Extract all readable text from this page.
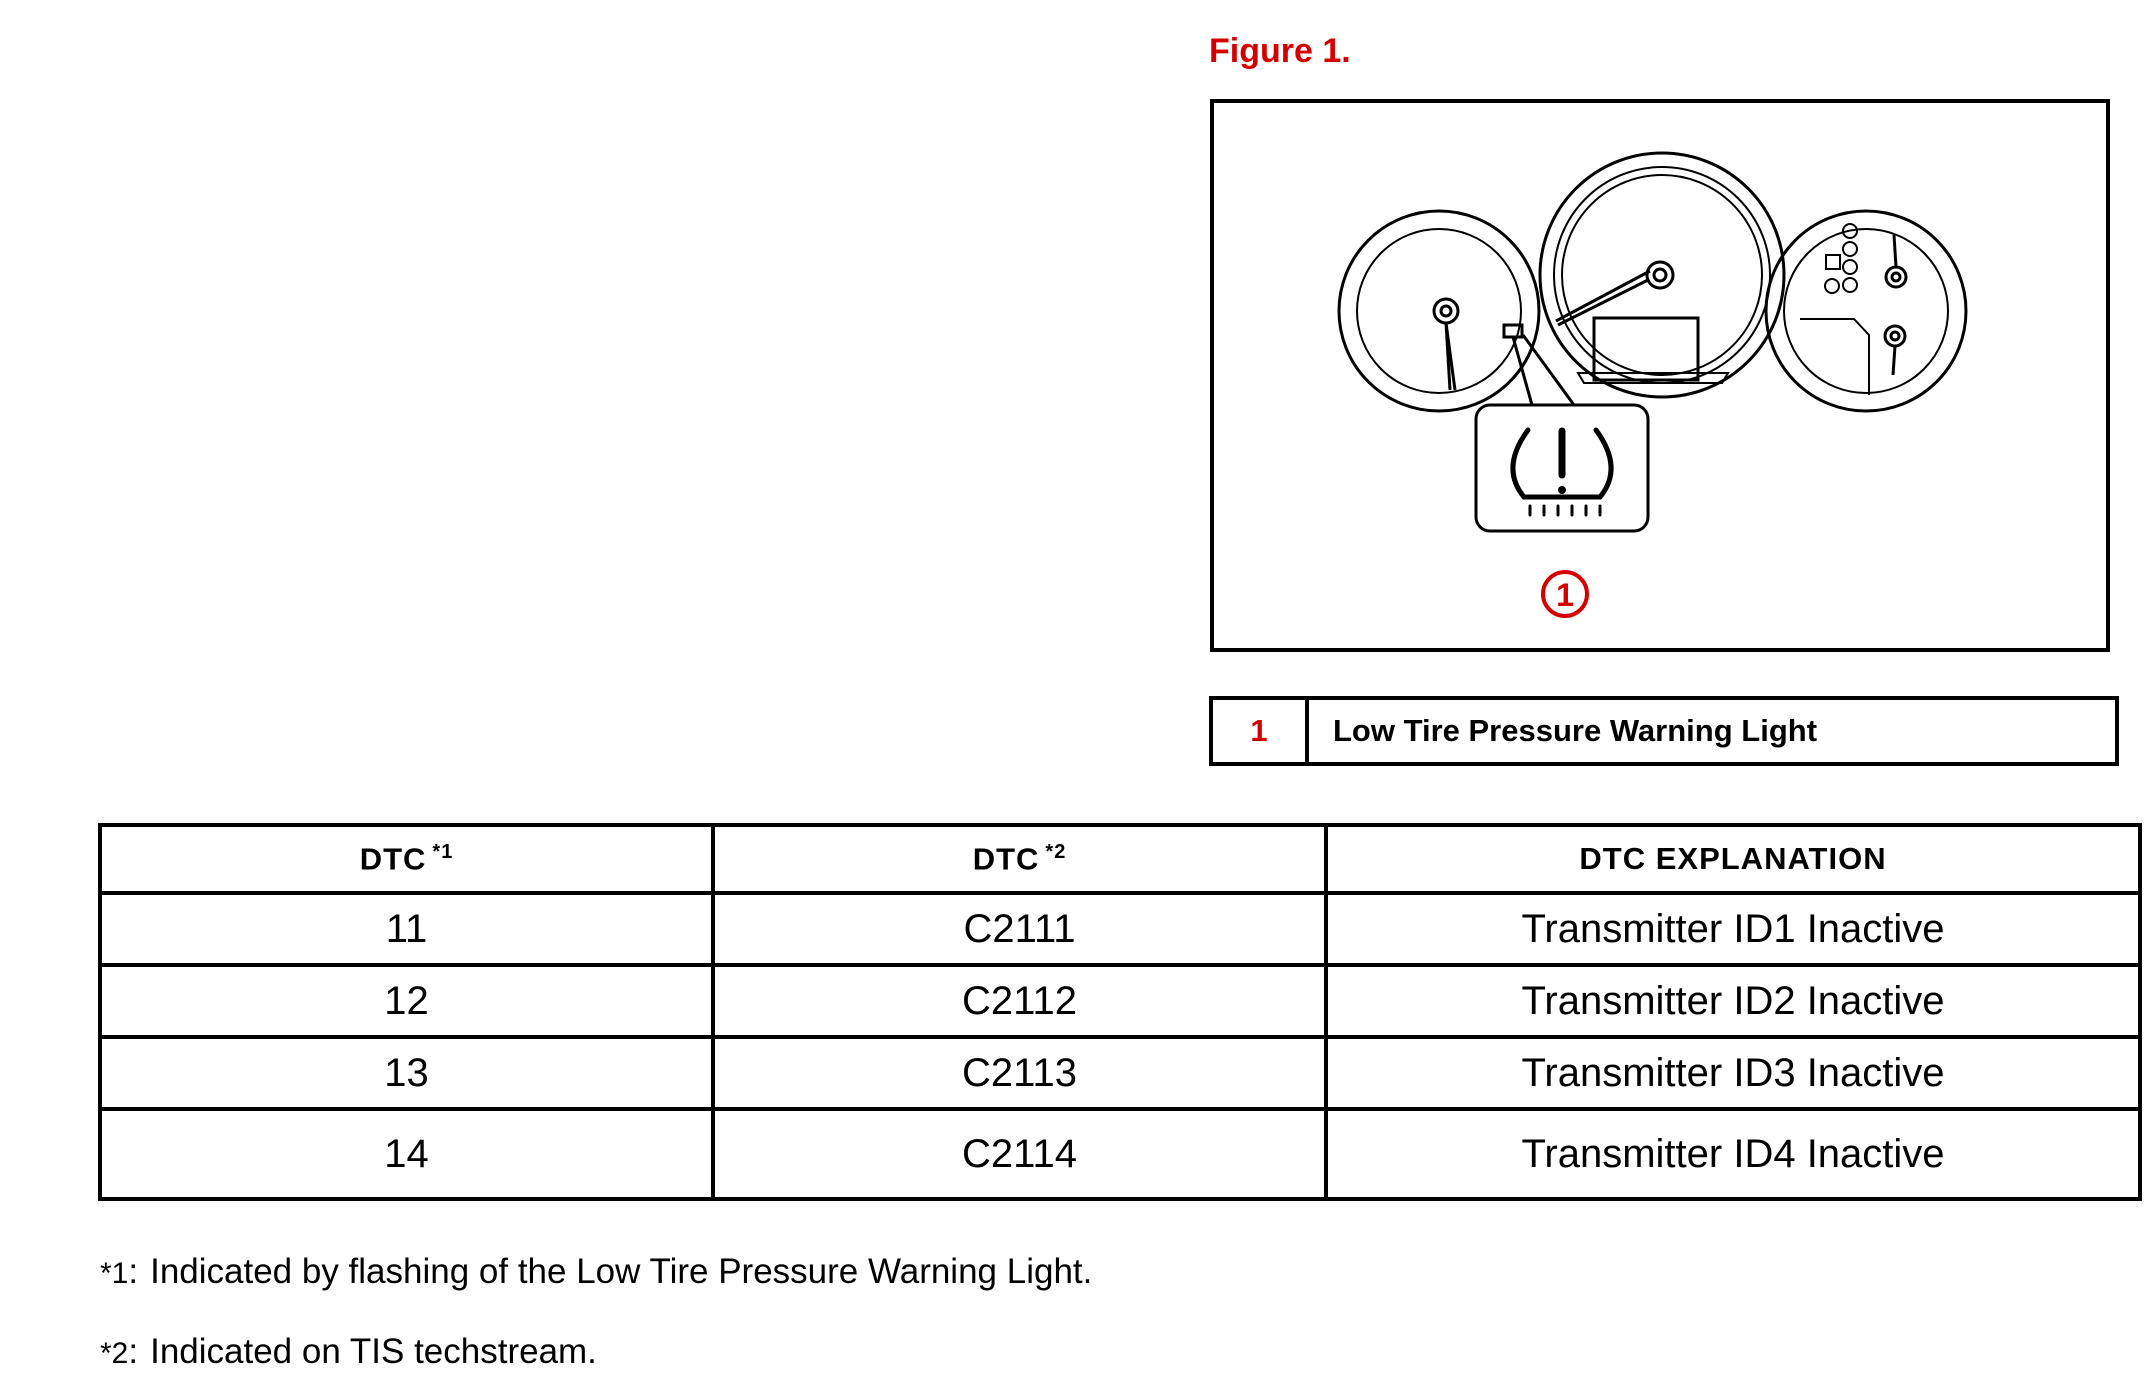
Figure 1.
1
1	Low Tire Pressure Warning Light
DTC $^{*1}$	DTC $^{*2}$	DTC EXPLANATION
11	C2111	Transmitter ID1 Inactive
12	C2112	Transmitter ID2 Inactive
13	C2113	Transmitter ID3 Inactive
14	C2114	Transmitter ID4 Inactive
*1: Indicated by flashing of the Low Tire Pressure Warning Light.
*2: Indicated on TIS techstream.
